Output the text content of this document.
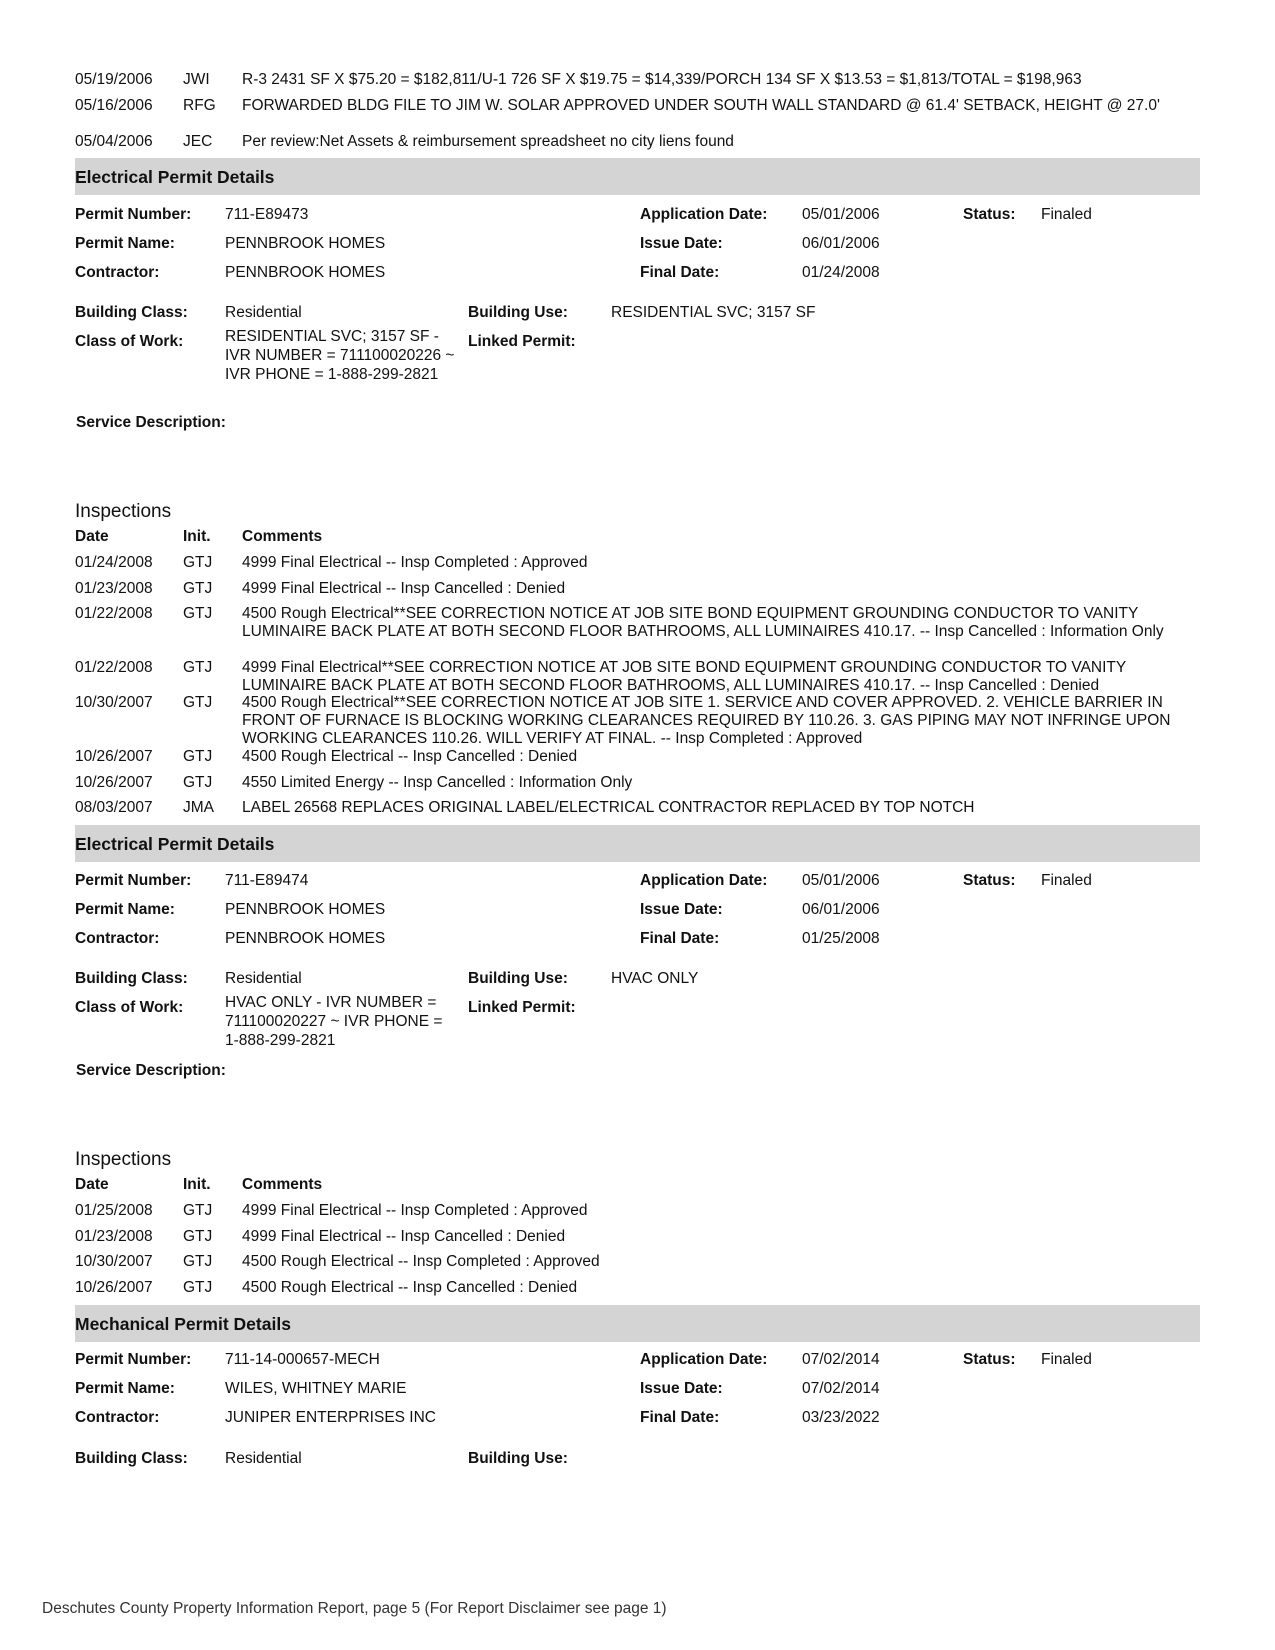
05/19/2006 JWI R-3 2431 SF X $75.20 = $182,811/U-1 726 SF X $19.75 = $14,339/PORCH 134 SF X $13.53 = $1,813/TOTAL = $198,963
05/16/2006 RFG FORWARDED BLDG FILE TO JIM W. SOLAR APPROVED UNDER SOUTH WALL STANDARD @ 61.4' SETBACK, HEIGHT @ 27.0'
05/04/2006 JEC Per review:Net Assets & reimbursement spreadsheet no city liens found
Electrical Permit Details
Permit Number: 711-E89473
Permit Name:	PENNBROOK HOMES
Contractor:	PENNBROOK HOMES
Application Date: 05/01/2006
Issue Date:	06/01/2006
Final Date:	01/24/2008
Status: Finaled
Building Class: Residential	Building Use:	RESIDENTIAL SVC; 3157 SF
Class of Work:	RESIDENTIAL SVC; 3157 SF - IVR NUMBER = 711100020226 ~ IVR PHONE = 1-888-299-2821
Linked Permit:
Service Description:
Inspections
Date	Init. Comments
01/24/2008 GTJ 4999 Final Electrical -- Insp Completed : Approved
01/23/2008 GTJ 4999 Final Electrical -- Insp Cancelled : Denied
01/22/2008 GTJ 4500 Rough Electrical**SEE CORRECTION NOTICE AT JOB SITE BOND EQUIPMENT GROUNDING CONDUCTOR TO VANITY LUMINAIRE BACK PLATE AT BOTH SECOND FLOOR BATHROOMS, ALL LUMINAIRES 410.17. -- Insp Cancelled : Information Only
01/22/2008 GTJ 4999 Final Electrical**SEE CORRECTION NOTICE AT JOB SITE BOND EQUIPMENT GROUNDING CONDUCTOR TO VANITY LUMINAIRE BACK PLATE AT BOTH SECOND FLOOR BATHROOMS, ALL LUMINAIRES 410.17. -- Insp Cancelled : Denied
10/30/2007 GTJ 4500 Rough Electrical**SEE CORRECTION NOTICE AT JOB SITE 1. SERVICE AND COVER APPROVED. 2. VEHICLE BARRIER IN FRONT OF FURNACE IS BLOCKING WORKING CLEARANCES REQUIRED BY 110.26. 3. GAS PIPING MAY NOT INFRINGE UPON WORKING CLEARANCES 110.26. WILL VERIFY AT FINAL. -- Insp Completed : Approved
10/26/2007 GTJ 4500 Rough Electrical -- Insp Cancelled : Denied
10/26/2007 GTJ 4550 Limited Energy -- Insp Cancelled : Information Only
08/03/2007 JMA LABEL 26568 REPLACES ORIGINAL LABEL/ELECTRICAL CONTRACTOR REPLACED BY TOP NOTCH
Electrical Permit Details
Permit Number: 711-E89474
Permit Name:	PENNBROOK HOMES
Contractor:	PENNBROOK HOMES
Application Date: 05/01/2006
Issue Date:	06/01/2006
Final Date:	01/25/2008
Status: Finaled
Building Class: Residential	Building Use:	HVAC ONLY
Class of Work:	HVAC ONLY - IVR NUMBER = 711100020227 ~ IVR PHONE = 1-888-299-2821
Linked Permit:
Service Description:
Inspections
Date	Init. Comments
01/25/2008 GTJ 4999 Final Electrical -- Insp Completed : Approved
01/23/2008 GTJ 4999 Final Electrical -- Insp Cancelled : Denied
10/30/2007 GTJ 4500 Rough Electrical -- Insp Completed : Approved
10/26/2007 GTJ 4500 Rough Electrical -- Insp Cancelled : Denied
Mechanical Permit Details
Permit Number: 711-14-000657-MECH
Permit Name:	WILES, WHITNEY MARIE
Contractor:	JUNIPER ENTERPRISES INC
Application Date: 07/02/2014
Issue Date:	07/02/2014
Final Date:	03/23/2022
Status: Finaled
Building Class: Residential	Building Use:
Deschutes County Property Information Report, page 5 (For Report Disclaimer see page 1)
